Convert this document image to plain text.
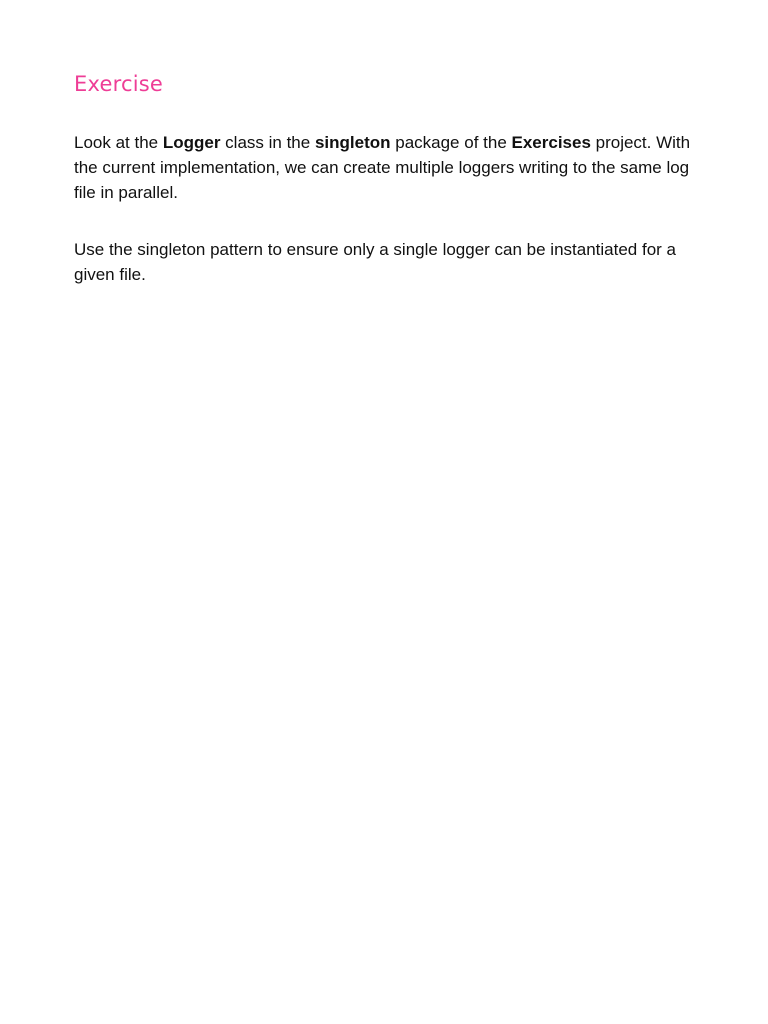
Exercise

Look at the Logger class in the singleton package of the Exercises project. With the current implementation, we can create multiple loggers writing to the same log file in parallel.

Use the singleton pattern to ensure only a single logger can be instantiated for a given file.
